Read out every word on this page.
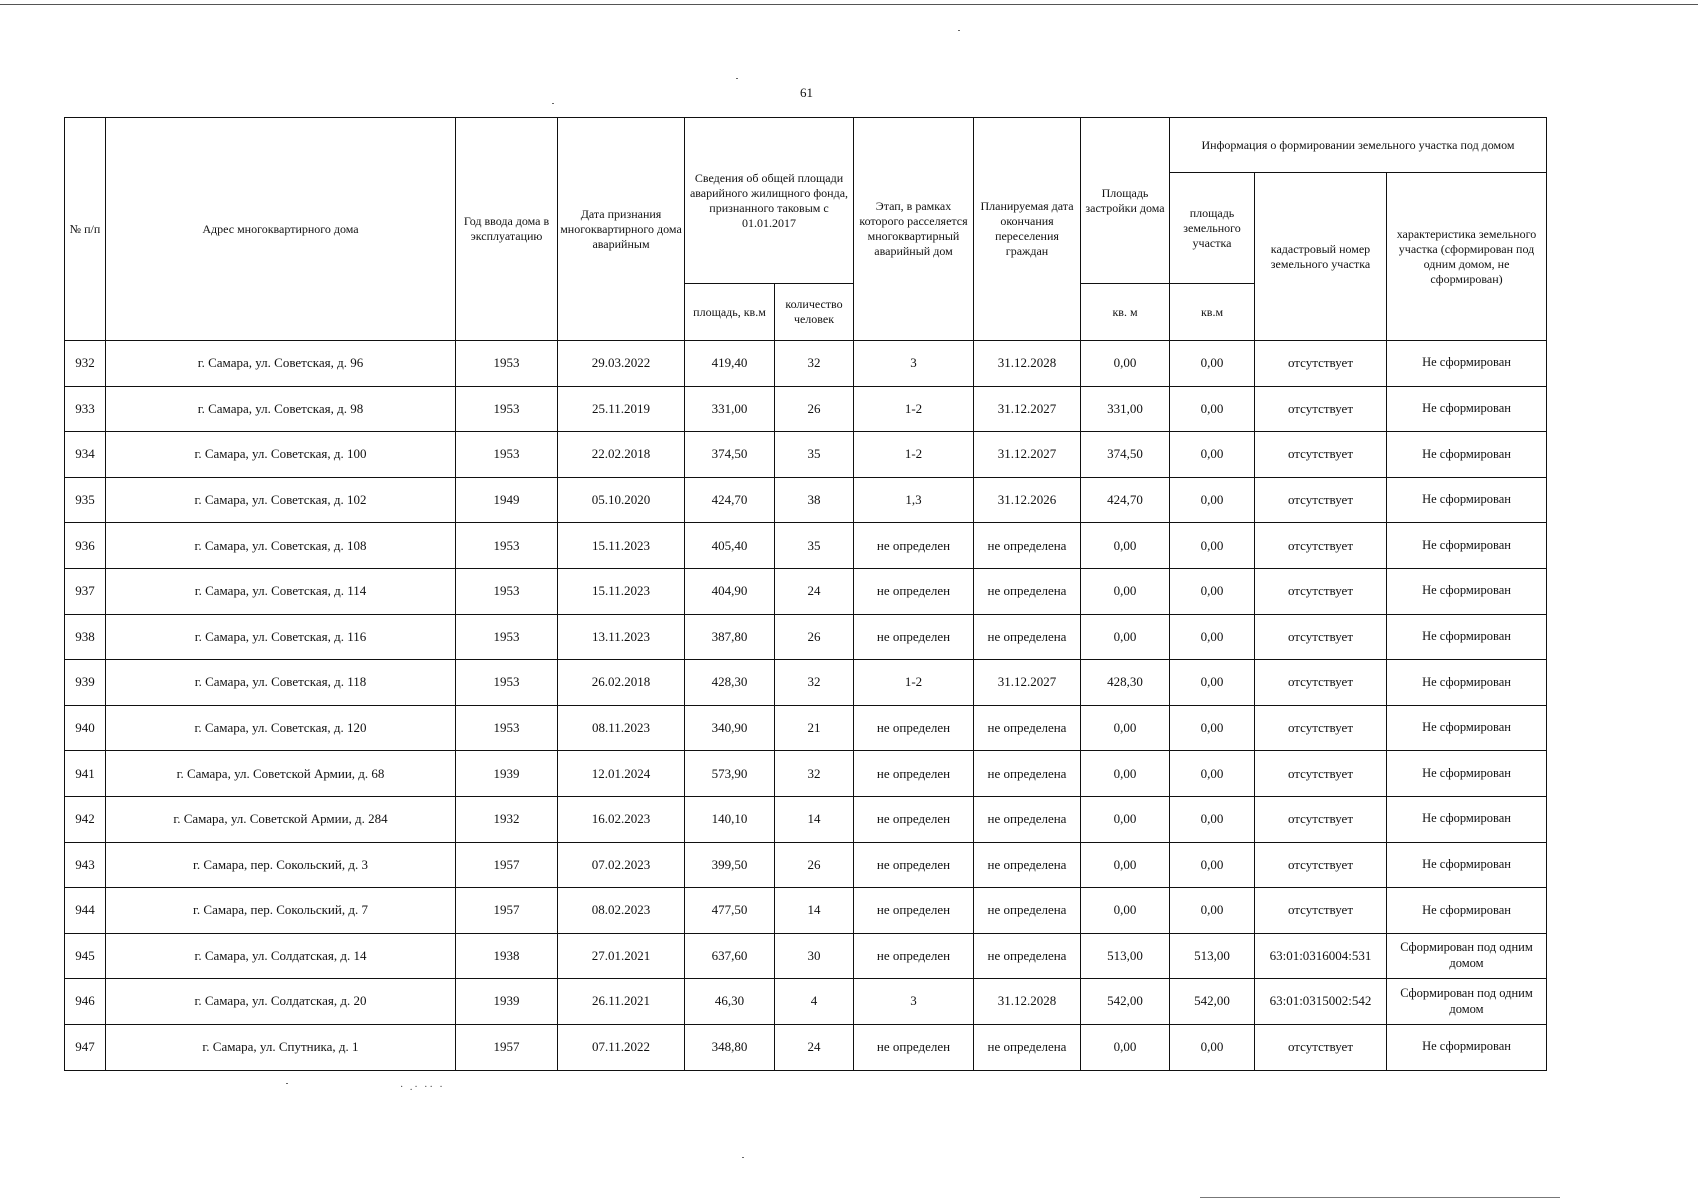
61
№ п/п	Адрес многоквартирного дома	Год ввода дома в эксплуатацию	Дата признания многоквартирного дома аварийным	Сведения об общей площади аварийного жилищного фонда, признанного таковым с 01.01.2017		Этап, в рамках которого расселяется многоквартирный аварийный дом	Планируемая дата окончания переселения граждан	Площадь застройки дома	Информация о формировании земельного участка под домом		
									площадь земельного участка	кадастровый номер земельного участка	характеристика земельного участка (сформирован под одним домом, не сформирован)
				площадь, кв.м	количество человек			кв. м	кв.м		
932	г. Самара, ул. Советская, д. 96	1953	29.03.2022	419,40	32	3	31.12.2028	0,00	0,00	отсутствует	Не сформирован
933	г. Самара, ул. Советская, д. 98	1953	25.11.2019	331,00	26	1-2	31.12.2027	331,00	0,00	отсутствует	Не сформирован
934	г. Самара, ул. Советская, д. 100	1953	22.02.2018	374,50	35	1-2	31.12.2027	374,50	0,00	отсутствует	Не сформирован
935	г. Самара, ул. Советская, д. 102	1949	05.10.2020	424,70	38	1,3	31.12.2026	424,70	0,00	отсутствует	Не сформирован
936	г. Самара, ул. Советская, д. 108	1953	15.11.2023	405,40	35	не определен	не определена	0,00	0,00	отсутствует	Не сформирован
937	г. Самара, ул. Советская, д. 114	1953	15.11.2023	404,90	24	не определен	не определена	0,00	0,00	отсутствует	Не сформирован
938	г. Самара, ул. Советская, д. 116	1953	13.11.2023	387,80	26	не определен	не определена	0,00	0,00	отсутствует	Не сформирован
939	г. Самара, ул. Советская, д. 118	1953	26.02.2018	428,30	32	1-2	31.12.2027	428,30	0,00	отсутствует	Не сформирован
940	г. Самара, ул. Советская, д. 120	1953	08.11.2023	340,90	21	не определен	не определена	0,00	0,00	отсутствует	Не сформирован
941	г. Самара, ул. Советской Армии, д. 68	1939	12.01.2024	573,90	32	не определен	не определена	0,00	0,00	отсутствует	Не сформирован
942	г. Самара, ул. Советской Армии, д. 284	1932	16.02.2023	140,10	14	не определен	не определена	0,00	0,00	отсутствует	Не сформирован
943	г. Самара, пер. Сокольский, д. 3	1957	07.02.2023	399,50	26	не определен	не определена	0,00	0,00	отсутствует	Не сформирован
944	г. Самара, пер. Сокольский, д. 7	1957	08.02.2023	477,50	14	не определен	не определена	0,00	0,00	отсутствует	Не сформирован
945	г. Самара, ул. Солдатская, д. 14	1938	27.01.2021	637,60	30	не определен	не определена	513,00	513,00	63:01:0316004:531	Сформирован под одним домом
946	г. Самара, ул. Солдатская, д. 20	1939	26.11.2021	46,30	4	3	31.12.2028	542,00	542,00	63:01:0315002:542	Сформирован под одним домом
947	г. Самара, ул. Спутника, д. 1	1957	07.11.2022	348,80	24	не определен	не определена	0,00	0,00	отсутствует	Не сформирован
· .· ·· ·
